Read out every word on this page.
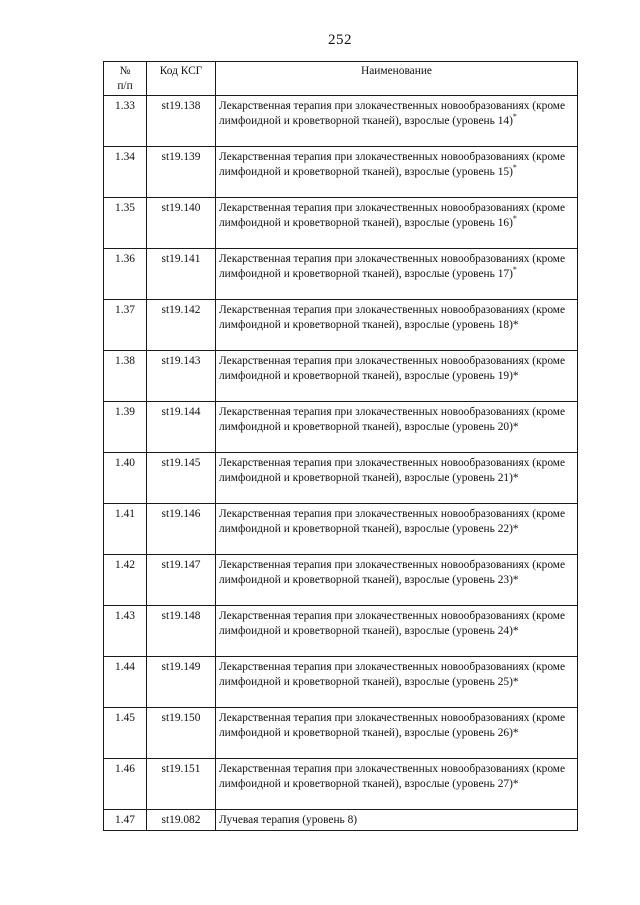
252
№
п/п	Код КСГ	Наименование
1.33	st19.138	Лекарственная терапия при злокачественных новообразованиях (кроме лимфоидной и кроветворной тканей), взрослые (уровень 14)*
1.34	st19.139	Лекарственная терапия при злокачественных новообразованиях (кроме лимфоидной и кроветворной тканей), взрослые (уровень 15)*
1.35	st19.140	Лекарственная терапия при злокачественных новообразованиях (кроме лимфоидной и кроветворной тканей), взрослые (уровень 16)*
1.36	st19.141	Лекарственная терапия при злокачественных новообразованиях (кроме лимфоидной и кроветворной тканей), взрослые (уровень 17)*
1.37	st19.142	Лекарственная терапия при злокачественных новообразованиях (кроме лимфоидной и кроветворной тканей), взрослые (уровень 18)*
1.38	st19.143	Лекарственная терапия при злокачественных новообразованиях (кроме лимфоидной и кроветворной тканей), взрослые (уровень 19)*
1.39	st19.144	Лекарственная терапия при злокачественных новообразованиях (кроме лимфоидной и кроветворной тканей), взрослые (уровень 20)*
1.40	st19.145	Лекарственная терапия при злокачественных новообразованиях (кроме лимфоидной и кроветворной тканей), взрослые (уровень 21)*
1.41	st19.146	Лекарственная терапия при злокачественных новообразованиях (кроме лимфоидной и кроветворной тканей), взрослые (уровень 22)*
1.42	st19.147	Лекарственная терапия при злокачественных новообразованиях (кроме лимфоидной и кроветворной тканей), взрослые (уровень 23)*
1.43	st19.148	Лекарственная терапия при злокачественных новообразованиях (кроме лимфоидной и кроветворной тканей), взрослые (уровень 24)*
1.44	st19.149	Лекарственная терапия при злокачественных новообразованиях (кроме лимфоидной и кроветворной тканей), взрослые (уровень 25)*
1.45	st19.150	Лекарственная терапия при злокачественных новообразованиях (кроме лимфоидной и кроветворной тканей), взрослые (уровень 26)*
1.46	st19.151	Лекарственная терапия при злокачественных новообразованиях (кроме лимфоидной и кроветворной тканей), взрослые (уровень 27)*
1.47	st19.082	Лучевая терапия (уровень 8)
